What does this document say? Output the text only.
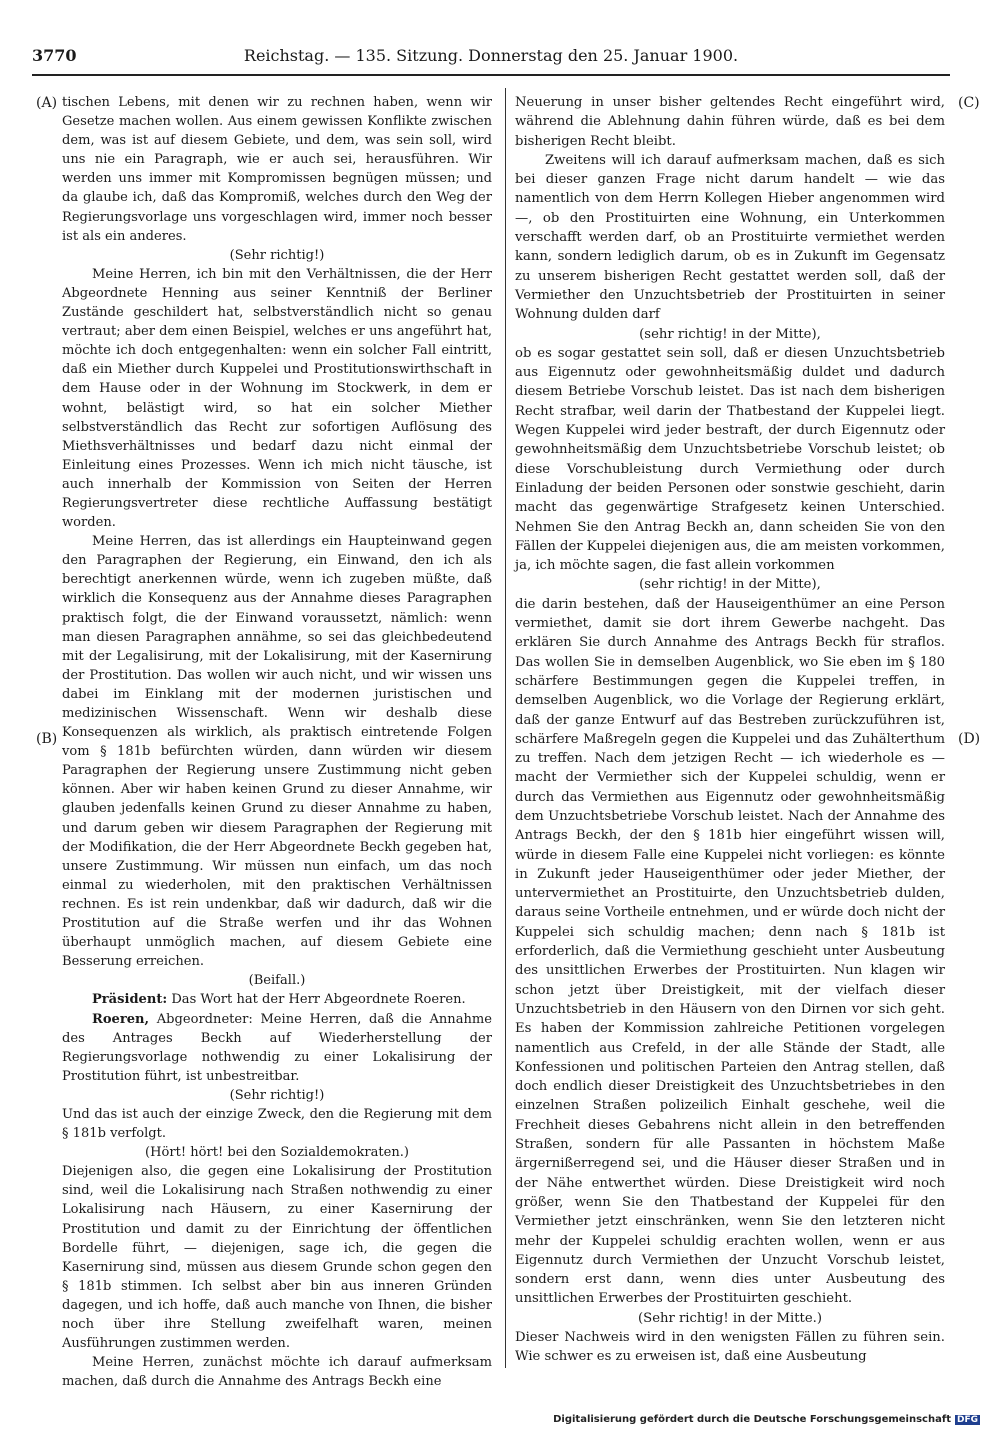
3770	Reichstag. — 135. Sitzung. Donnerstag den 25. Januar 1900.
(A)
(B)
(C)
(D)

tischen Lebens, mit denen wir zu rechnen haben, wenn wir Gesetze machen wollen. Aus einem gewissen Konflikte zwischen dem, was ist auf diesem Gebiete, und dem, was sein soll, wird uns nie ein Paragraph, wie er auch sei, herausführen. Wir werden uns immer mit Kompromissen begnügen müssen; und da glaube ich, daß das Kompromiß, welches durch den Weg der Regierungsvorlage uns vorgeschlagen wird, immer noch besser ist als ein anderes.

(Sehr richtig!)

Meine Herren, ich bin mit den Verhältnissen, die der Herr Abgeordnete Henning aus seiner Kenntniß der Berliner Zustände geschildert hat, selbstverständlich nicht so genau vertraut; aber dem einen Beispiel, welches er uns angeführt hat, möchte ich doch entgegenhalten: wenn ein solcher Fall eintritt, daß ein Miether durch Kuppelei und Prostitutionswirthschaft in dem Hause oder in der Wohnung im Stockwerk, in dem er wohnt, belästigt wird, so hat ein solcher Miether selbstverständlich das Recht zur sofortigen Auflösung des Miethsverhältnisses und bedarf dazu nicht einmal der Einleitung eines Prozesses. Wenn ich mich nicht täusche, ist auch innerhalb der Kommission von Seiten der Herren Regierungsvertreter diese rechtliche Auffassung bestätigt worden.

Meine Herren, das ist allerdings ein Haupteinwand gegen den Paragraphen der Regierung, ein Einwand, den ich als berechtigt anerkennen würde, wenn ich zugeben müßte, daß wirklich die Konsequenz aus der Annahme dieses Paragraphen praktisch folgt, die der Einwand voraussetzt, nämlich: wenn man diesen Paragraphen annähme, so sei das gleichbedeutend mit der Legalisirung, mit der Lokalisirung, mit der Kasernirung der Prostitution. Das wollen wir auch nicht, und wir wissen uns dabei im Einklang mit der modernen juristischen und medizinischen Wissenschaft. Wenn wir deshalb diese Konsequenzen als wirklich, als praktisch eintretende Folgen vom § 181b befürchten würden, dann würden wir diesem Paragraphen der Regierung unsere Zustimmung nicht geben können. Aber wir haben keinen Grund zu dieser Annahme, wir glauben jedenfalls keinen Grund zu dieser Annahme zu haben, und darum geben wir diesem Paragraphen der Regierung mit der Modifikation, die der Herr Abgeordnete Beckh gegeben hat, unsere Zustimmung. Wir müssen nun einfach, um das noch einmal zu wiederholen, mit den praktischen Verhältnissen rechnen. Es ist rein undenkbar, daß wir dadurch, daß wir die Prostitution auf die Straße werfen und ihr das Wohnen überhaupt unmöglich machen, auf diesem Gebiete eine Besserung erreichen.

(Beifall.)

Präsident: Das Wort hat der Herr Abgeordnete Roeren.

Roeren, Abgeordneter: Meine Herren, daß die Annahme des Antrages Beckh auf Wiederherstellung der Regierungsvorlage nothwendig zu einer Lokalisirung der Prostitution führt, ist unbestreitbar.

(Sehr richtig!)

Und das ist auch der einzige Zweck, den die Regierung mit dem § 181b verfolgt.

(Hört! hört! bei den Sozialdemokraten.)

Diejenigen also, die gegen eine Lokalisirung der Prostitution sind, weil die Lokalisirung nach Straßen nothwendig zu einer Lokalisirung nach Häusern, zu einer Kasernirung der Prostitution und damit zu der Einrichtung der öffentlichen Bordelle führt, — diejenigen, sage ich, die gegen die Kasernirung sind, müssen aus diesem Grunde schon gegen den § 181b stimmen. Ich selbst aber bin aus inneren Gründen dagegen, und ich hoffe, daß auch manche von Ihnen, die bisher noch über ihre Stellung zweifelhaft waren, meinen Ausführungen zustimmen werden.

Meine Herren, zunächst möchte ich darauf aufmerksam machen, daß durch die Annahme des Antrags Beckh eine

Neuerung in unser bisher geltendes Recht eingeführt wird, während die Ablehnung dahin führen würde, daß es bei dem bisherigen Recht bleibt.

Zweitens will ich darauf aufmerksam machen, daß es sich bei dieser ganzen Frage nicht darum handelt — wie das namentlich von dem Herrn Kollegen Hieber angenommen wird —, ob den Prostituirten eine Wohnung, ein Unterkommen verschafft werden darf, ob an Prostituirte vermiethet werden kann, sondern lediglich darum, ob es in Zukunft im Gegensatz zu unserem bisherigen Recht gestattet werden soll, daß der Vermiether den Unzuchtsbetrieb der Prostituirten in seiner Wohnung dulden darf

(sehr richtig! in der Mitte),

ob es sogar gestattet sein soll, daß er diesen Unzuchtsbetrieb aus Eigennutz oder gewohnheitsmäßig duldet und dadurch diesem Betriebe Vorschub leistet. Das ist nach dem bisherigen Recht strafbar, weil darin der Thatbestand der Kuppelei liegt. Wegen Kuppelei wird jeder bestraft, der durch Eigennutz oder gewohnheitsmäßig dem Unzuchtsbetriebe Vorschub leistet; ob diese Vorschubleistung durch Vermiethung oder durch Einladung der beiden Personen oder sonstwie geschieht, darin macht das gegenwärtige Strafgesetz keinen Unterschied. Nehmen Sie den Antrag Beckh an, dann scheiden Sie von den Fällen der Kuppelei diejenigen aus, die am meisten vorkommen, ja, ich möchte sagen, die fast allein vorkommen

(sehr richtig! in der Mitte),

die darin bestehen, daß der Hauseigenthümer an eine Person vermiethet, damit sie dort ihrem Gewerbe nachgeht. Das erklären Sie durch Annahme des Antrags Beckh für straflos. Das wollen Sie in demselben Augenblick, wo Sie eben im § 180 schärfere Bestimmungen gegen die Kuppelei treffen, in demselben Augenblick, wo die Vorlage der Regierung erklärt, daß der ganze Entwurf auf das Bestreben zurückzuführen ist, schärfere Maßregeln gegen die Kuppelei und das Zuhälterthum zu treffen. Nach dem jetzigen Recht — ich wiederhole es — macht der Vermiether sich der Kuppelei schuldig, wenn er durch das Vermiethen aus Eigennutz oder gewohnheitsmäßig dem Unzuchtsbetriebe Vorschub leistet. Nach der Annahme des Antrags Beckh, der den § 181b hier eingeführt wissen will, würde in diesem Falle eine Kuppelei nicht vorliegen: es könnte in Zukunft jeder Hauseigenthümer oder jeder Miether, der untervermiethet an Prostituirte, den Unzuchtsbetrieb dulden, daraus seine Vortheile entnehmen, und er würde doch nicht der Kuppelei sich schuldig machen; denn nach § 181b ist erforderlich, daß die Vermiethung geschieht unter Ausbeutung des unsittlichen Erwerbes der Prostituirten. Nun klagen wir schon jetzt über Dreistigkeit, mit der vielfach dieser Unzuchtsbetrieb in den Häusern von den Dirnen vor sich geht. Es haben der Kommission zahlreiche Petitionen vorgelegen namentlich aus Crefeld, in der alle Stände der Stadt, alle Konfessionen und politischen Parteien den Antrag stellen, daß doch endlich dieser Dreistigkeit des Unzuchtsbetriebes in den einzelnen Straßen polizeilich Einhalt geschehe, weil die Frechheit dieses Gebahrens nicht allein in den betreffenden Straßen, sondern für alle Passanten in höchstem Maße ärgernißerregend sei, und die Häuser dieser Straßen und in der Nähe entwerthet würden. Diese Dreistigkeit wird noch größer, wenn Sie den Thatbestand der Kuppelei für den Vermiether jetzt einschränken, wenn Sie den letzteren nicht mehr der Kuppelei schuldig erachten wollen, wenn er aus Eigennutz durch Vermiethen der Unzucht Vorschub leistet, sondern erst dann, wenn dies unter Ausbeutung des unsittlichen Erwerbes der Prostituirten geschieht.

(Sehr richtig! in der Mitte.)

Dieser Nachweis wird in den wenigsten Fällen zu führen sein. Wie schwer es zu erweisen ist, daß eine Ausbeutung

Digitalisierung gefördert durch die Deutsche Forschungsgemeinschaft DFG
